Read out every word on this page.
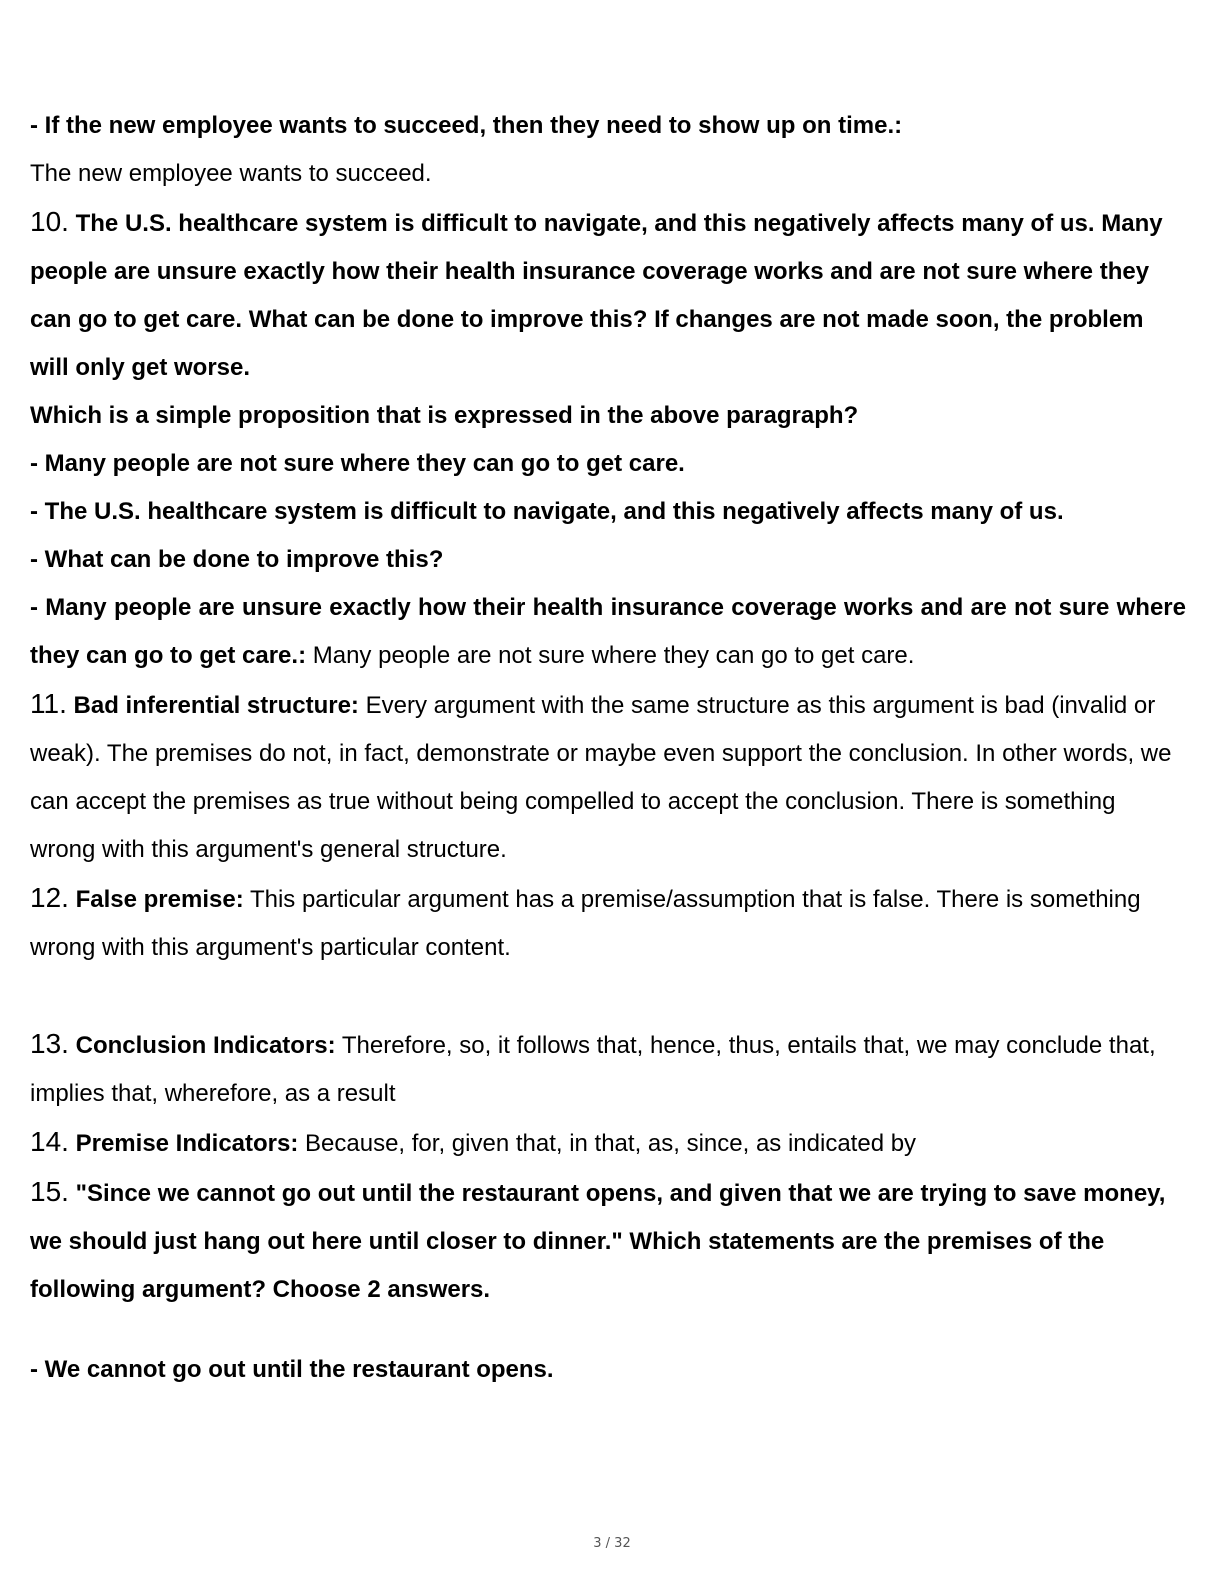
- If the new employee wants to succeed, then they need to show up on time.:

The new employee wants to succeed.

10. The U.S. healthcare system is difficult to navigate, and this negatively affects many of us. Many people are unsure exactly how their health insurance coverage works and are not sure where they can go to get care. What can be done to improve this? If changes are not made soon, the problem will only get worse.

Which is a simple proposition that is expressed in the above paragraph?

- Many people are not sure where they can go to get care.

- The U.S. healthcare system is difficult to navigate, and this negatively affects many of us.

- What can be done to improve this?

- Many people are unsure exactly how their health insurance coverage works and are not sure where they can go to get care.: Many people are not sure where they can go to get care.

11. Bad inferential structure: Every argument with the same structure as this argument is bad (invalid or weak). The premises do not, in fact, demonstrate or maybe even support the conclusion. In other words, we can accept the premises as true without being compelled to accept the conclusion. There is something wrong with this argument's general structure.

12. False premise: This particular argument has a premise/assumption that is false. There is something wrong with this argument's particular content.

13. Conclusion Indicators: Therefore, so, it follows that, hence, thus, entails that, we may conclude that, implies that, wherefore, as a result

14. Premise Indicators: Because, for, given that, in that, as, since, as indicated by

15. "Since we cannot go out until the restaurant opens, and given that we are trying to save money, we should just hang out here until closer to dinner." Which statements are the premises of the following argument? Choose 2 answers.

- We cannot go out until the restaurant opens.

3 / 32
